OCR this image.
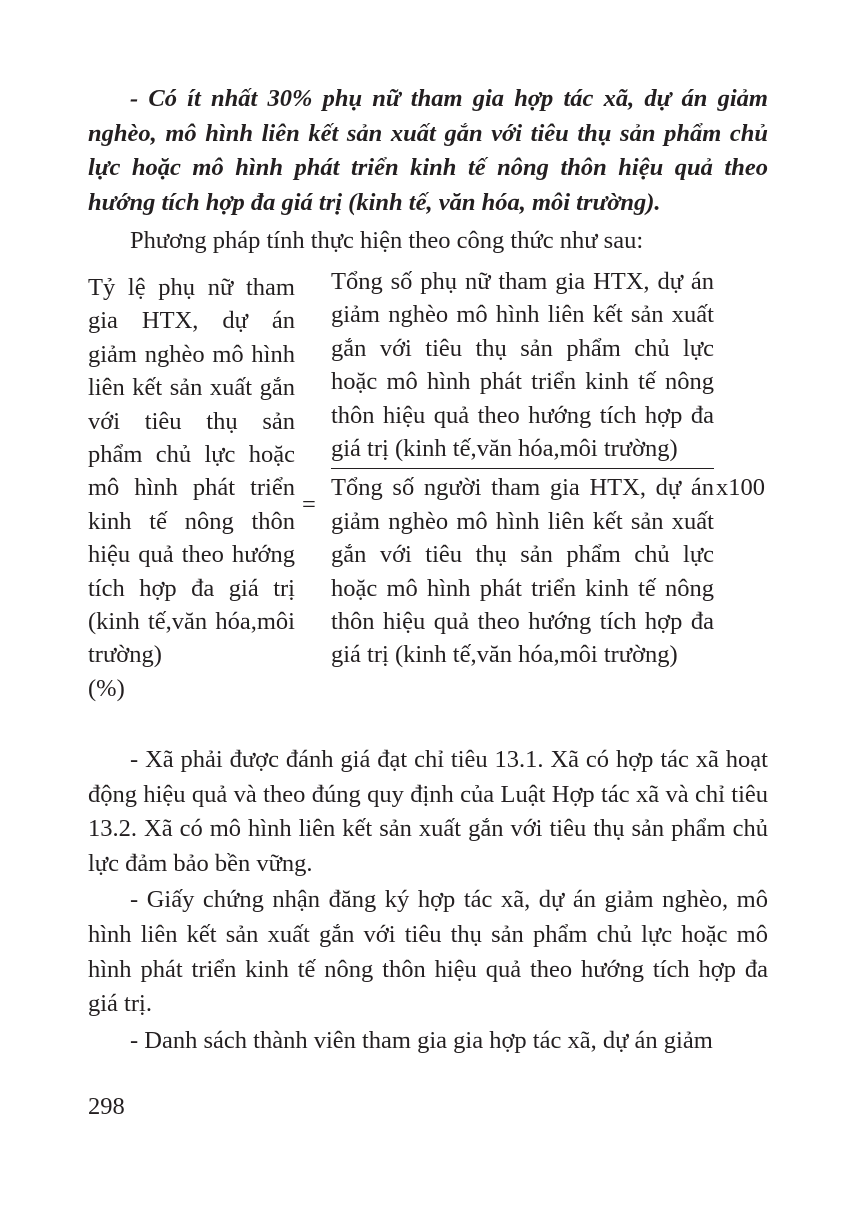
- Có ít nhất 30% phụ nữ tham gia hợp tác xã, dự án giảm nghèo, mô hình liên kết sản xuất gắn với tiêu thụ sản phẩm chủ lực hoặc mô hình phát triển kinh tế nông thôn hiệu quả theo hướng tích hợp đa giá trị (kinh tế, văn hóa, môi trường).

Phương pháp tính thực hiện theo công thức như sau:

Tỷ lệ phụ nữ tham gia HTX, dự án giảm nghèo mô hình liên kết sản xuất gắn với tiêu thụ sản phẩm chủ lực hoặc mô hình phát triển kinh tế nông thôn hiệu quả theo hướng tích hợp đa giá trị (kinh tế,văn hóa,môi trường)
(%)
=
Tổng số phụ nữ tham gia HTX, dự án giảm nghèo mô hình liên kết sản xuất gắn với tiêu thụ sản phẩm chủ lực hoặc mô hình phát triển kinh tế nông thôn hiệu quả theo hướng tích hợp đa giá trị (kinh tế,văn hóa,môi trường)
Tổng số người tham gia HTX, dự án giảm nghèo mô hình liên kết sản xuất gắn với tiêu thụ sản phẩm chủ lực hoặc mô hình phát triển kinh tế nông thôn hiệu quả theo hướng tích hợp đa giá trị (kinh tế,văn hóa,môi trường)
x100

- Xã phải được đánh giá đạt chỉ tiêu 13.1. Xã có hợp tác xã hoạt động hiệu quả và theo đúng quy định của Luật Hợp tác xã và chỉ tiêu 13.2. Xã có mô hình liên kết sản xuất gắn với tiêu thụ sản phẩm chủ lực đảm bảo bền vững.

- Giấy chứng nhận đăng ký hợp tác xã, dự án giảm nghèo, mô hình liên kết sản xuất gắn với tiêu thụ sản phẩm chủ lực hoặc mô hình phát triển kinh tế nông thôn hiệu quả theo hướng tích hợp đa giá trị.

- Danh sách thành viên tham gia gia hợp tác xã, dự án giảm

298
